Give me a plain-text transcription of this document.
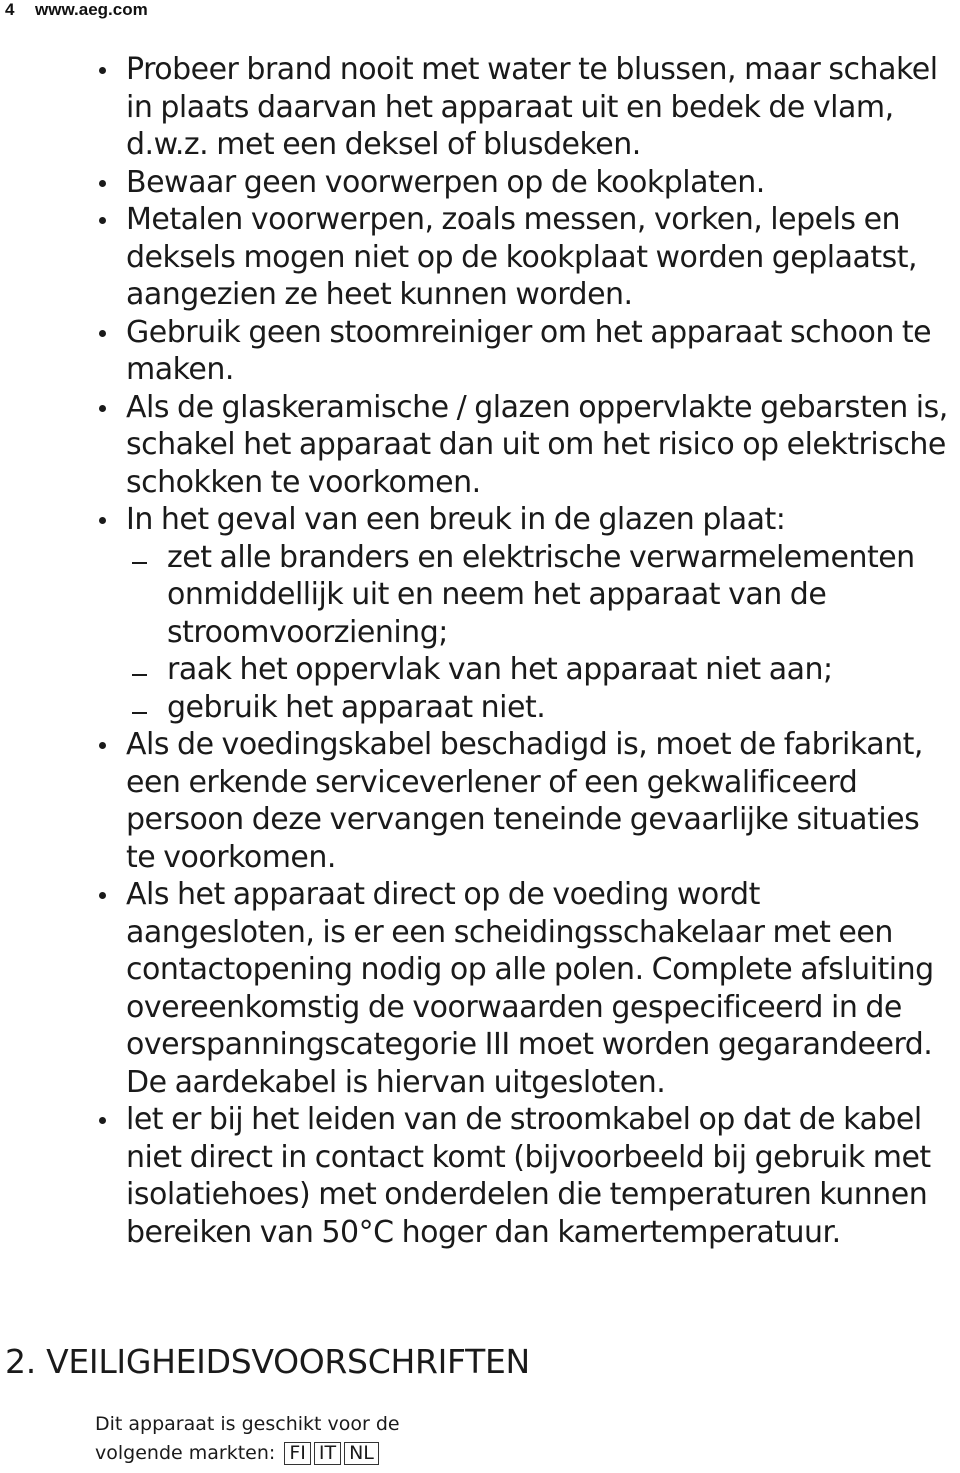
4 www.aeg.com
Probeer brand nooit met water te blussen, maar schakel in plaats daarvan het apparaat uit en bedek de vlam, d.w.z. met een deksel of blusdeken.
Bewaar geen voorwerpen op de kookplaten.
Metalen voorwerpen, zoals messen, vorken, lepels en deksels mogen niet op de kookplaat worden geplaatst, aangezien ze heet kunnen worden.
Gebruik geen stoomreiniger om het apparaat schoon te maken.
Als de glaskeramische / glazen oppervlakte gebarsten is, schakel het apparaat dan uit om het risico op elektrische schokken te voorkomen.
In het geval van een breuk in de glazen plaat:
zet alle branders en elektrische verwarmelementen onmiddellijk uit en neem het apparaat van de stroomvoorziening;
raak het oppervlak van het apparaat niet aan;
gebruik het apparaat niet.
Als de voedingskabel beschadigd is, moet de fabrikant, een erkende serviceverlener of een gekwalificeerd persoon deze vervangen teneinde gevaarlijke situaties te voorkomen.
Als het apparaat direct op de voeding wordt aangesloten, is er een scheidingsschakelaar met een contactopening nodig op alle polen. Complete afsluiting overeenkomstig de voorwaarden gespecificeerd in de overspanningscategorie III moet worden gegarandeerd. De aardekabel is hiervan uitgesloten.
let er bij het leiden van de stroomkabel op dat de kabel niet direct in contact komt (bijvoorbeeld bij gebruik met isolatiehoes) met onderdelen die temperaturen kunnen bereiken van 50°C hoger dan kamertemperatuur.
2. VEILIGHEIDSVOORSCHRIFTEN
Dit apparaat is geschikt voor de
volgende markten: FI IT NL
